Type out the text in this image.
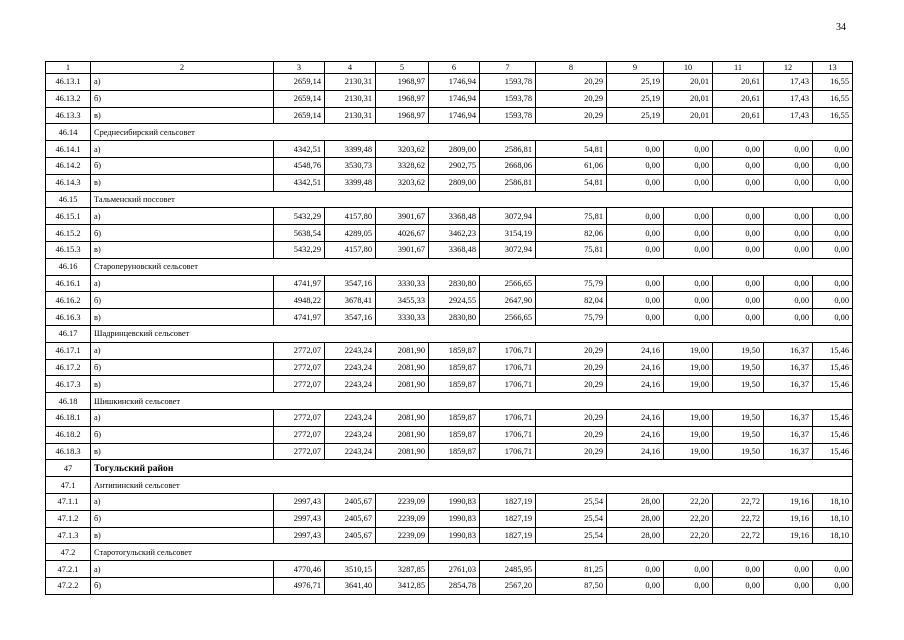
34
1	2	3	4	5	6	7	8	9	10	11	12	13
46.13.1	а)	2659,14	2130,31	1968,97	1746,94	1593,78	20,29	25,19	20,01	20,61	17,43	16,55
46.13.2	б)	2659,14	2130,31	1968,97	1746,94	1593,78	20,29	25,19	20,01	20,61	17,43	16,55
46.13.3	в)	2659,14	2130,31	1968,97	1746,94	1593,78	20,29	25,19	20,01	20,61	17,43	16,55
46.14	Среднесибирский сельсовет											
46.14.1	а)	4342,51	3399,48	3203,62	2809,00	2586,81	54,81	0,00	0,00	0,00	0,00	0,00
46.14.2	б)	4548,76	3530,73	3328,62	2902,75	2668,06	61,06	0,00	0,00	0,00	0,00	0,00
46.14.3	в)	4342,51	3399,48	3203,62	2809,00	2586,81	54,81	0,00	0,00	0,00	0,00	0,00
46.15	Тальменский поссовет											
46.15.1	а)	5432,29	4157,80	3901,67	3368,48	3072,94	75,81	0,00	0,00	0,00	0,00	0,00
46.15.2	б)	5638,54	4289,05	4026,67	3462,23	3154,19	82,06	0,00	0,00	0,00	0,00	0,00
46.15.3	в)	5432,29	4157,80	3901,67	3368,48	3072,94	75,81	0,00	0,00	0,00	0,00	0,00
46.16	Староперуновский сельсовет											
46.16.1	а)	4741,97	3547,16	3330,33	2830,80	2566,65	75,79	0,00	0,00	0,00	0,00	0,00
46.16.2	б)	4948,22	3678,41	3455,33	2924,55	2647,90	82,04	0,00	0,00	0,00	0,00	0,00
46.16.3	в)	4741,97	3547,16	3330,33	2830,80	2566,65	75,79	0,00	0,00	0,00	0,00	0,00
46.17	Шадринцевский сельсовет											
46.17.1	а)	2772,07	2243,24	2081,90	1859,87	1706,71	20,29	24,16	19,00	19,50	16,37	15,46
46.17.2	б)	2772,07	2243,24	2081,90	1859,87	1706,71	20,29	24,16	19,00	19,50	16,37	15,46
46.17.3	в)	2772,07	2243,24	2081,90	1859,87	1706,71	20,29	24,16	19,00	19,50	16,37	15,46
46.18	Шишкинский сельсовет											
46.18.1	а)	2772,07	2243,24	2081,90	1859,87	1706,71	20,29	24,16	19,00	19,50	16,37	15,46
46.18.2	б)	2772,07	2243,24	2081,90	1859,87	1706,71	20,29	24,16	19,00	19,50	16,37	15,46
46.18.3	в)	2772,07	2243,24	2081,90	1859,87	1706,71	20,29	24,16	19,00	19,50	16,37	15,46
47	Тогульский район											
47.1	Антипинский сельсовет											
47.1.1	а)	2997,43	2405,67	2239,09	1990,83	1827,19	25,54	28,00	22,20	22,72	19,16	18,10
47.1.2	б)	2997,43	2405,67	2239,09	1990,83	1827,19	25,54	28,00	22,20	22,72	19,16	18,10
47.1.3	в)	2997,43	2405,67	2239,09	1990,83	1827,19	25,54	28,00	22,20	22,72	19,16	18,10
47.2	Старотогульский сельсовет											
47.2.1	а)	4770,46	3510,15	3287,85	2761,03	2485,95	81,25	0,00	0,00	0,00	0,00	0,00
47.2.2	б)	4976,71	3641,40	3412,85	2854,78	2567,20	87,50	0,00	0,00	0,00	0,00	0,00
